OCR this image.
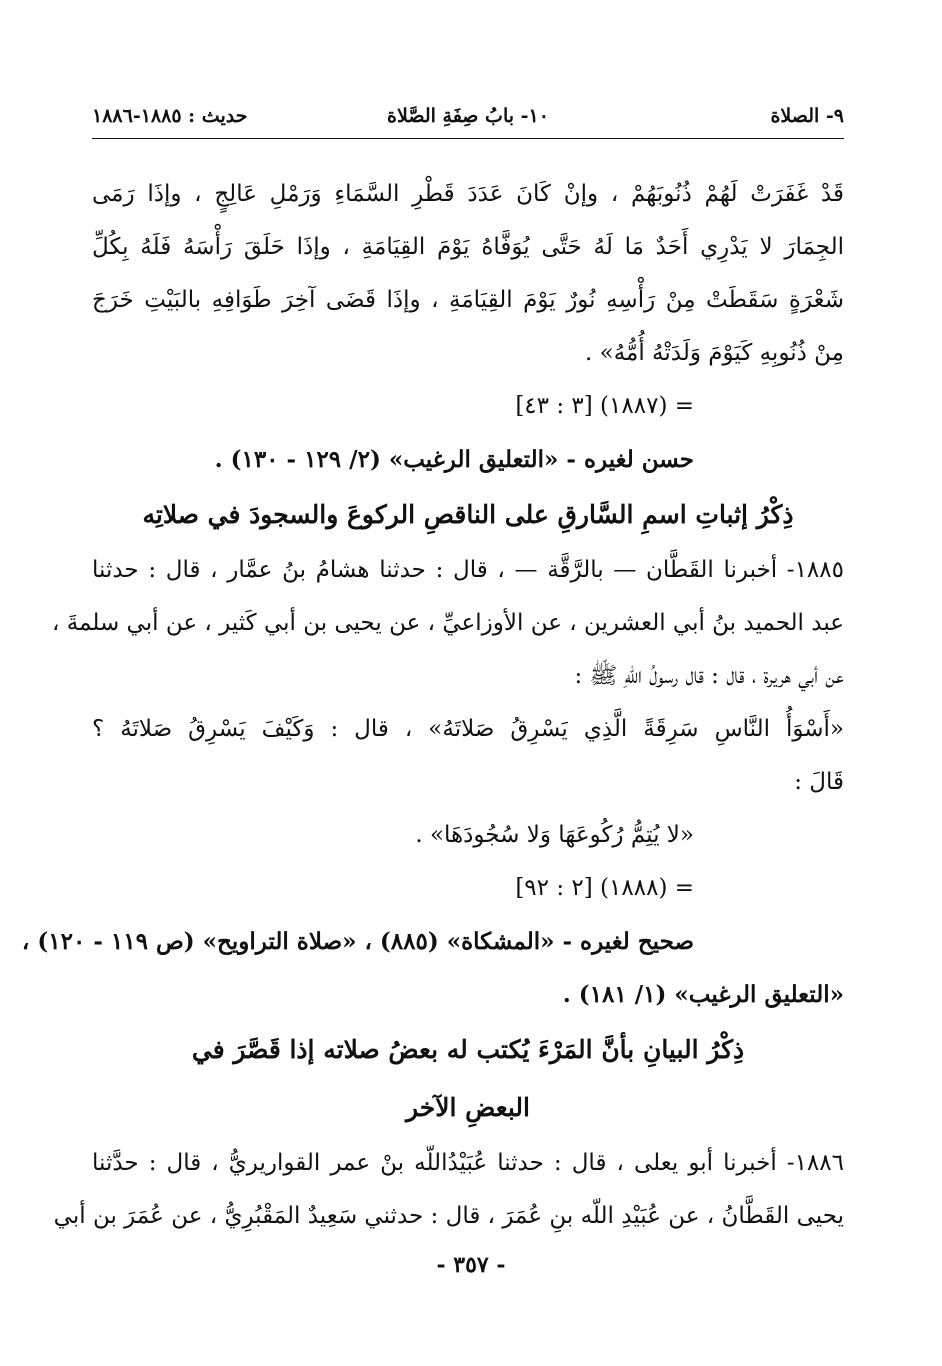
٩- الصلاة
١٠- بابُ صِفَةِ الصَّلاة
حديث : ١٨٨٥-١٨٨٦
قَدْ غَفَرَتْ لَهُمْ ذُنُوبَهُمْ ، وإنْ كَانَ عَدَدَ قَطْرِ السَّمَاءِ وَرَمْلِ عَالِجٍ ، وإذَا رَمَى
الجِمَارَ لا يَدْرِي أَحَدٌ مَا لَهُ حَتَّى يُوَفَّاهُ يَوْمَ القِيَامَةِ ، وإذَا حَلَقَ رَأْسَهُ فَلَهُ بِكُلِّ
شَعْرَةٍ سَقَطَتْ مِنْ رَأْسِهِ نُورٌ يَوْمَ القِيَامَةِ ، وإذَا قَضَى آخِرَ طَوَافِهِ بالبَيْتِ خَرَجَ
مِنْ ذُنُوبِهِ كَيَوْمَ وَلَدَتْهُ أُمُّهُ» .
= (١٨٨٧) [٣ : ٤٣]
حسن لغيره - «التعليق الرغيب» (٢/ ١٢٩ - ١٣٠) .
ذِكْرُ إثباتِ اسمِ السَّارقِ على الناقصِ الركوعَ والسجودَ في صلاتِه
١٨٨٥- أخبرنا القَطَّان — بالرَّقَّة — ، قال : حدثنا هشامُ بنُ عمَّار ، قال : حدثنا
عبد الحميد بنُ أبي العشرين ، عن الأوزاعيِّ ، عن يحيى بن أبي كَثير ، عن أبي سلمةَ ،
عن أبي هريرة ، قال : قال رسولُ اللّهِ ﷺ :
«أَسْوَأُ النَّاسِ سَرِقَةً الَّذِي يَسْرِقُ صَلاتَهُ» ، قال : وَكَيْفَ يَسْرِقُ صَلاتَهُ ؟
قَالَ :
«لا يُتِمُّ رُكُوعَهَا وَلا سُجُودَهَا» .
= (١٨٨٨) [٢ : ٩٢]
صحيح لغيره - «المشكاة» (٨٨٥) ، «صلاة التراويح» (ص ١١٩ - ١٢٠) ،
«التعليق الرغيب» (١/ ١٨١) .
ذِكْرُ البيانِ بأنَّ المَرْءَ يُكتب له بعضُ صلاته إذا قَصَّرَ في
البعضِ الآخر
١٨٨٦- أخبرنا أبو يعلى ، قال : حدثنا عُبَيْدُاللّه بنْ عمر القواريريُّ ، قال : حدَّثنا
يحيى القَطَّانُ ، عن عُبَيْدِ اللّه بنِ عُمَرَ ، قال : حدثني سَعِيدٌ المَقْبُرِيُّ ، عن عُمَرَ بن أبي
- ٣٥٧ -
